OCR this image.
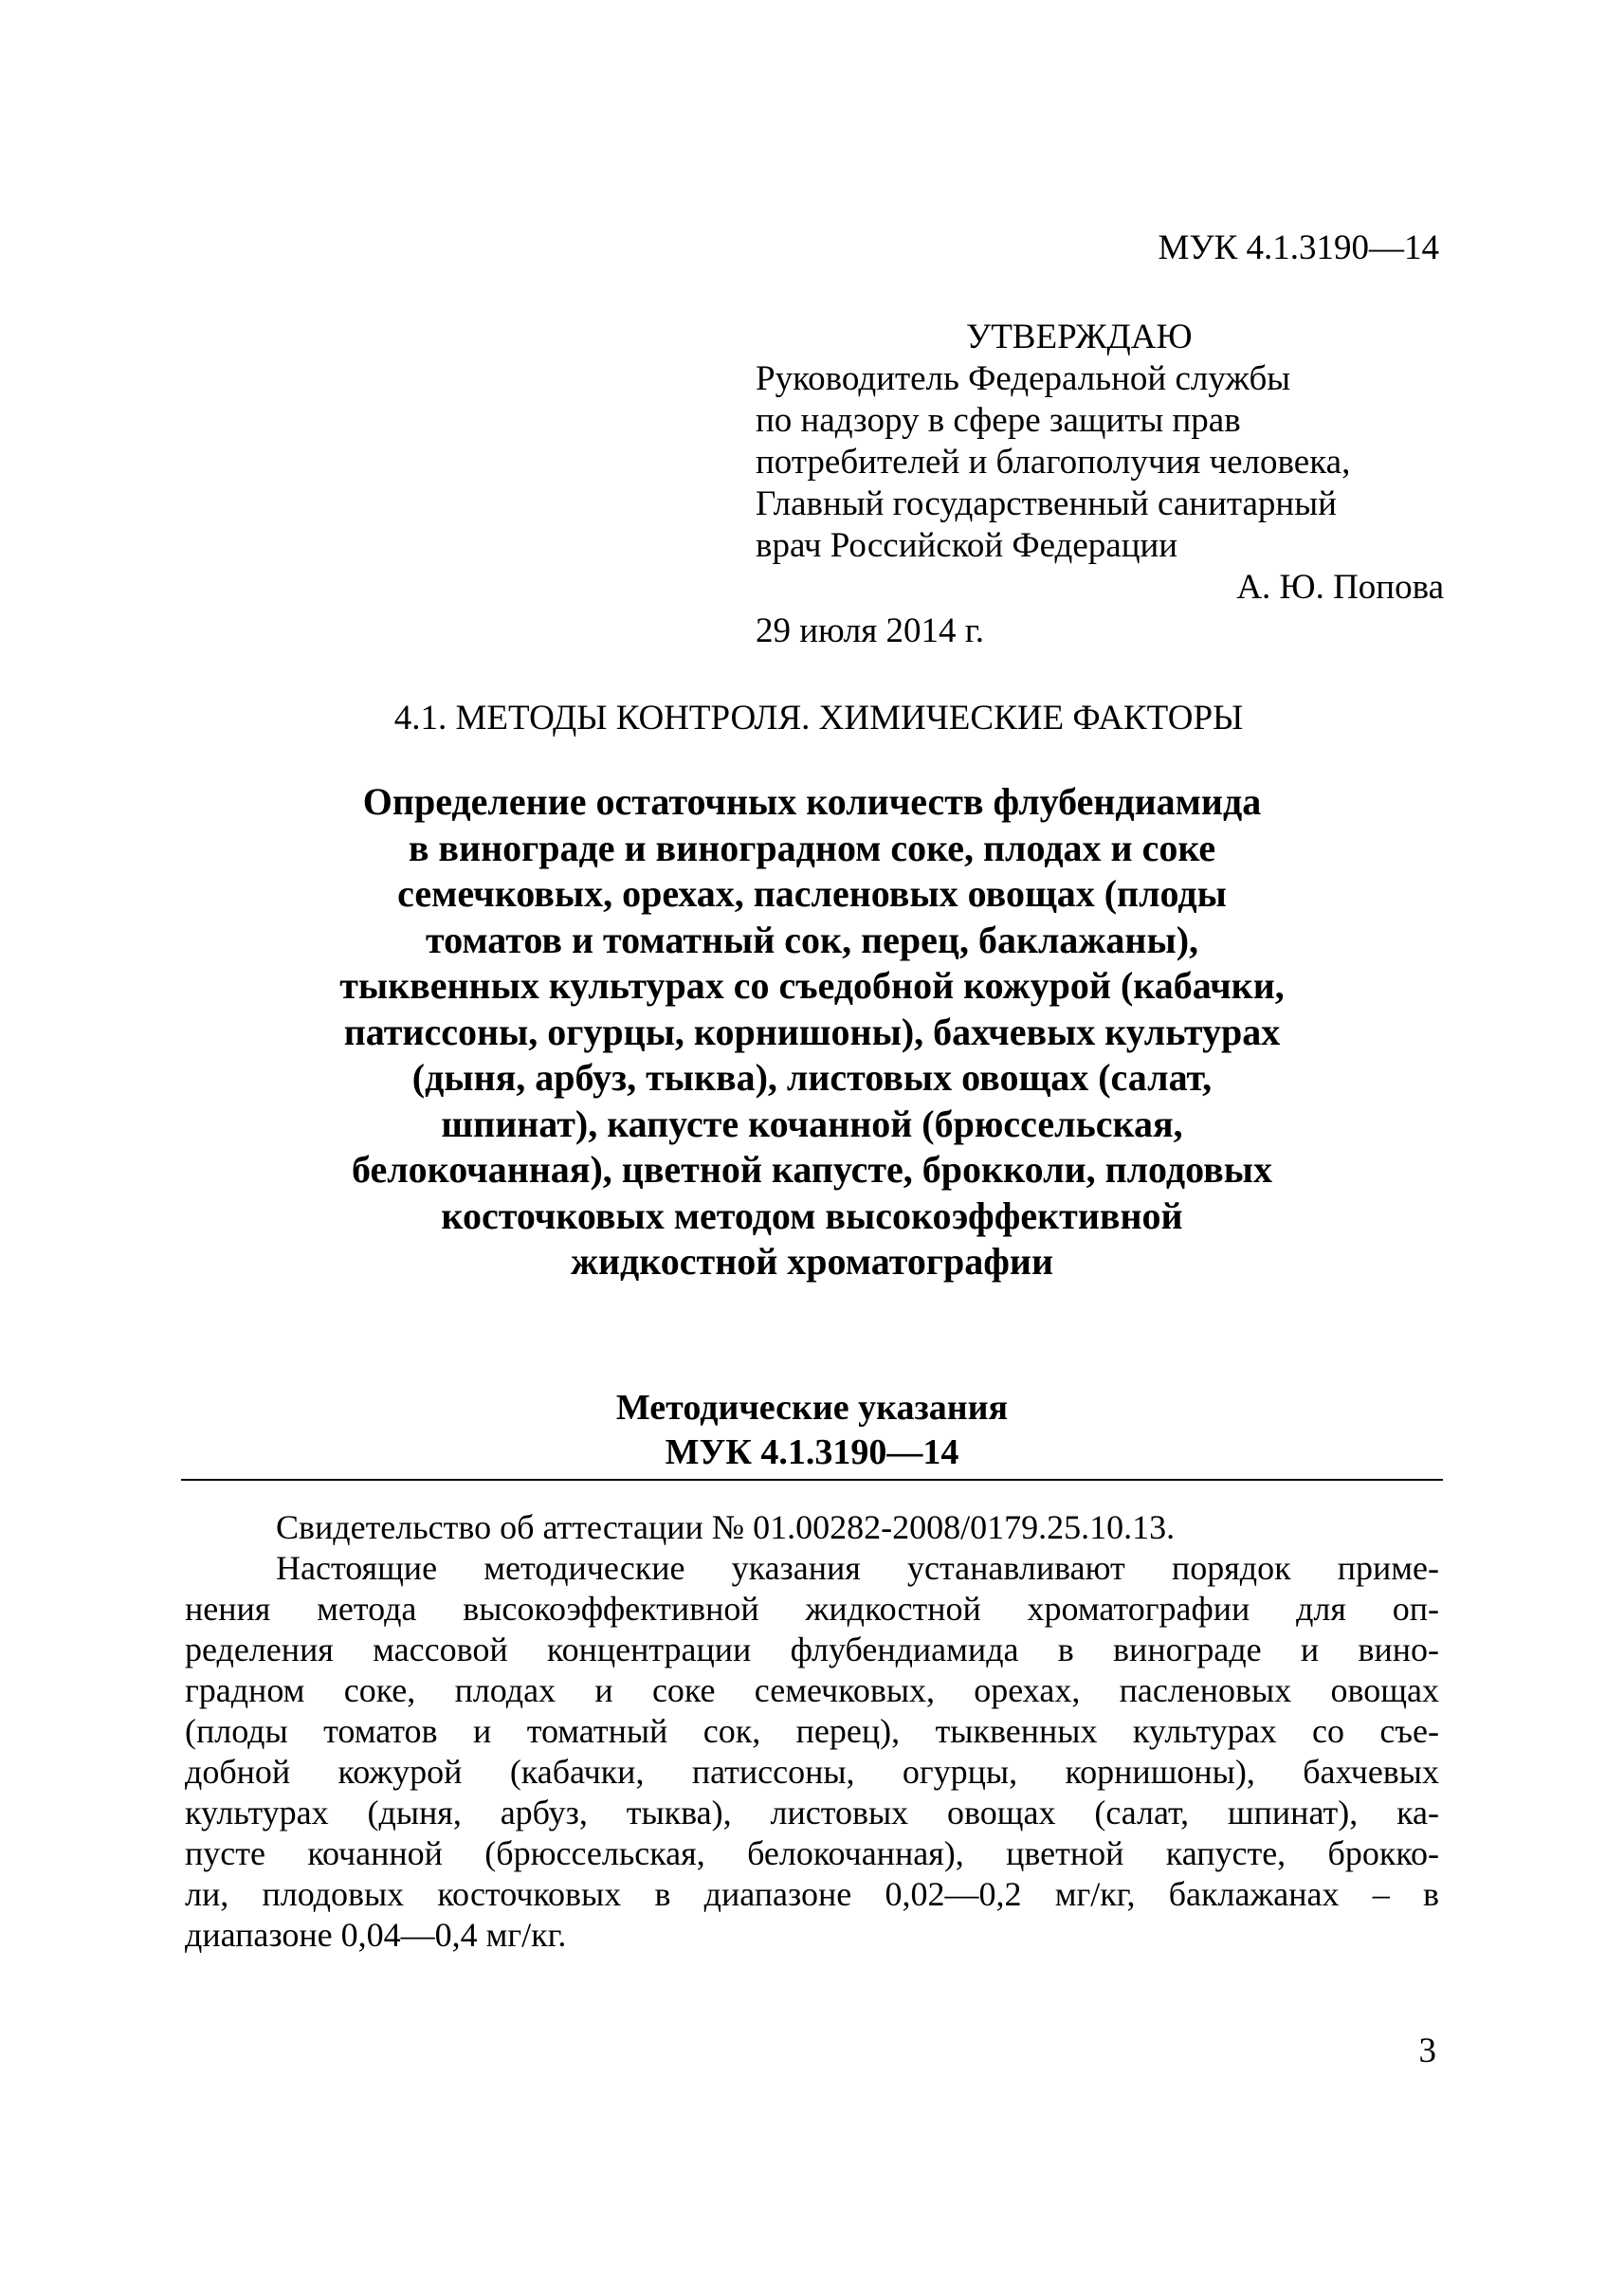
МУК 4.1.3190—14
УТВЕРЖДАЮ
Руководитель Федеральной службы
по надзору в сфере защиты прав
потребителей и благополучия человека,
Главный государственный санитарный
врач Российской Федерации
А. Ю. Попова
29 июля 2014 г.
4.1. МЕТОДЫ КОНТРОЛЯ. ХИМИЧЕСКИЕ ФАКТОРЫ
Определение остаточных количеств флубендиамида
в винограде и виноградном соке, плодах и соке
семечковых, орехах, пасленовых овощах (плоды
томатов и томатный сок, перец, баклажаны),
тыквенных культурах со съедобной кожурой (кабачки,
патиссоны, огурцы, корнишоны), бахчевых культурах
(дыня, арбуз, тыква), листовых овощах (салат,
шпинат), капусте кочанной (брюссельская,
белокочанная), цветной капусте, брокколи, плодовых
косточковых методом высокоэффективной
жидкостной хроматографии
Методические указания
МУК 4.1.3190—14
Свидетельство об аттестации № 01.00282-2008/0179.25.10.13.
Настоящие методические указания устанавливают порядок приме-
нения метода высокоэффективной жидкостной хроматографии для оп-
ределения массовой концентрации флубендиамида в винограде и вино-
градном соке, плодах и соке семечковых, орехах, пасленовых овощах
(плоды томатов и томатный сок, перец), тыквенных культурах со съе-
добной кожурой (кабачки, патиссоны, огурцы, корнишоны), бахчевых
культурах (дыня, арбуз, тыква), листовых овощах (салат, шпинат), ка-
пусте кочанной (брюссельская, белокочанная), цветной капусте, брокко-
ли, плодовых косточковых в диапазоне 0,02—0,2 мг/кг, баклажанах – в
диапазоне 0,04—0,4 мг/кг.
3
